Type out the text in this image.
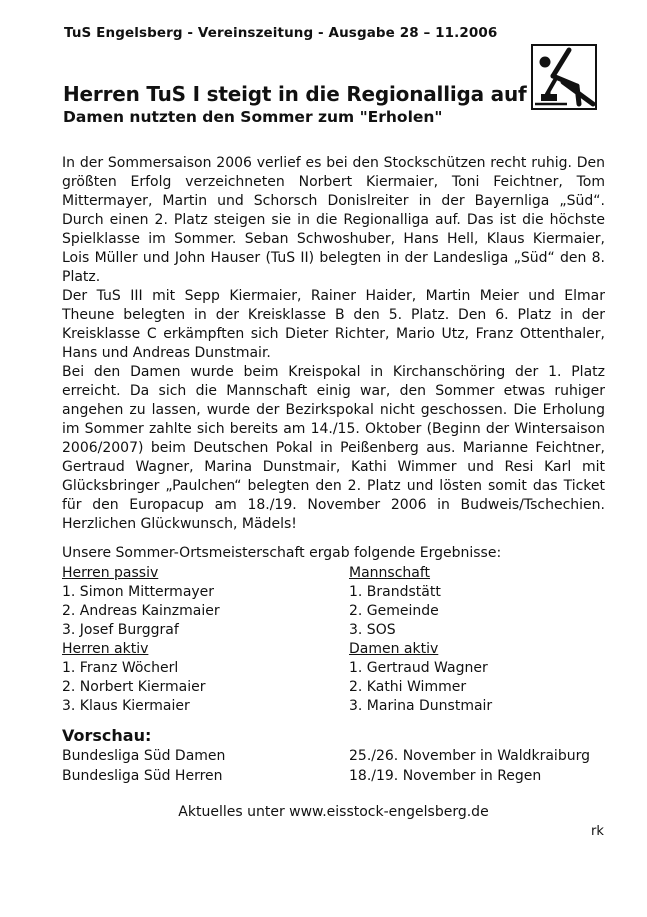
TuS Engelsberg - Vereinszeitung - Ausgabe 28 – 11.2006
Herren TuS I steigt in die Regionalliga auf
Damen nutzten den Sommer zum "Erholen"

In der Sommersaison 2006 verlief es bei den Stockschützen recht ruhig. Den größten Erfolg verzeichneten Norbert Kiermaier, Toni Feichtner, Tom Mittermayer, Martin und Schorsch Donislreiter in der Bayernliga „Süd“. Durch einen 2. Platz steigen sie in die Regionalliga auf. Das ist die höchste Spielklasse im Sommer. Seban Schwoshuber, Hans Hell, Klaus Kiermaier, Lois Müller und John Hauser (TuS II) belegten in der Landesliga „Süd“ den 8. Platz.

Der TuS III mit Sepp Kiermaier, Rainer Haider, Martin Meier und Elmar Theune belegten in der Kreisklasse B den 5. Platz. Den 6. Platz in der Kreisklasse C erkämpften sich Dieter Richter, Mario Utz, Franz Ottenthaler, Hans und Andreas Dunstmair.

Bei den Damen wurde beim Kreispokal in Kirchanschöring der 1. Platz erreicht. Da sich die Mannschaft einig war, den Sommer etwas ruhiger angehen zu lassen, wurde der Bezirkspokal nicht geschossen. Die Erholung im Sommer zahlte sich bereits am 14./15. Oktober (Beginn der Wintersaison 2006/2007) beim Deutschen Pokal in Peißenberg aus. Marianne Feichtner, Gertraud Wagner, Marina Dunstmair, Kathi Wimmer und Resi Karl mit Glücksbringer „Paulchen“ belegten den 2. Platz und lösten somit das Ticket für den Europacup am 18./19. November 2006 in Budweis/Tschechien. Herzlichen Glückwunsch, Mädels!

Unsere Sommer-Ortsmeisterschaft ergab folgende Ergebnisse:
Herren passiv
1. Simon Mittermayer
2. Andreas Kainzmaier
3. Josef Burggraf
Herren aktiv
1. Franz Wöcherl
2. Norbert Kiermaier
3. Klaus Kiermaier
Mannschaft
1. Brandstätt
2. Gemeinde
3. SOS
Damen aktiv
1. Gertraud Wagner
2. Kathi Wimmer
3. Marina Dunstmair
Vorschau:
Bundesliga Süd Damen	25./26. November in Waldkraiburg
Bundesliga Süd Herren	18./19. November in Regen
Aktuelles unter www.eisstock-engelsberg.de
rk
